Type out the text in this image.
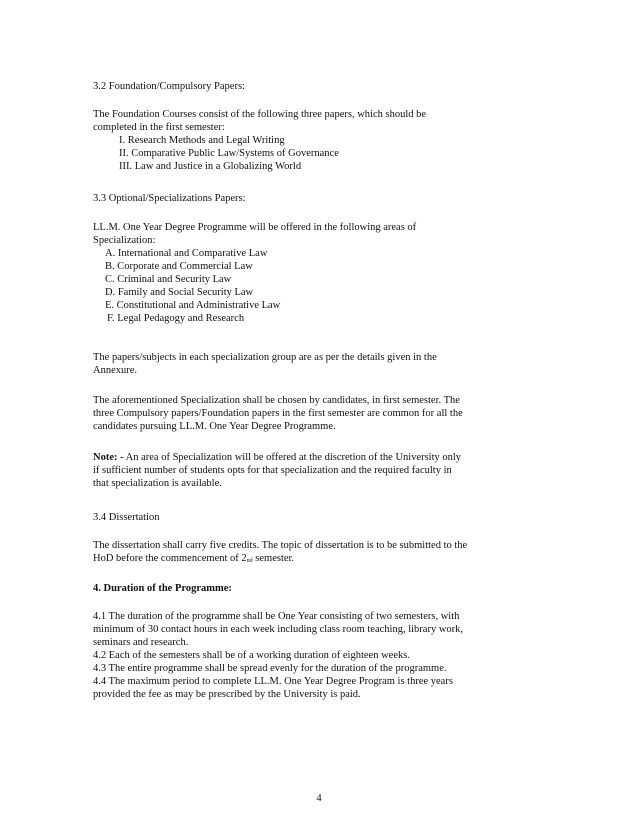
3.2 Foundation/Compulsory Papers:
The Foundation Courses consist of the following three papers, which should be
completed in the first semester:
I. Research Methods and Legal Writing
II. Comparative Public Law/Systems of Governance
III. Law and Justice in a Globalizing World
3.3 Optional/Specializations Papers:
LL.M. One Year Degree Programme will be offered in the following areas of
Specialization:
A. International and Comparative Law
B. Corporate and Commercial Law
C. Criminal and Security Law
D. Family and Social Security Law
E. Constitutional and Administrative Law
F. Legal Pedagogy and Research
The papers/subjects in each specialization group are as per the details given in the
Annexure.
The aforementioned Specialization shall be chosen by candidates, in first semester. The
three Compulsory papers/Foundation papers in the first semester are common for all the
candidates pursuing LL.M. One Year Degree Programme.
Note: - An area of Specialization will be offered at the discretion of the University only
if sufficient number of students opts for that specialization and the required faculty in
that specialization is available.
3.4 Dissertation
The dissertation shall carry five credits. The topic of dissertation is to be submitted to the
HoD before the commencement of $2_{nd}$ semester.
4. Duration of the Programme:
4.1 The duration of the programme shall be One Year consisting of two semesters, with
minimum of 30 contact hours in each week including class room teaching, library work,
seminars and research.
4.2 Each of the semesters shall be of a working duration of eighteen weeks.
4.3 The entire programme shall be spread evenly for the duration of the programme.
4.4 The maximum period to complete LL.M. One Year Degree Program is three years
provided the fee as may be prescribed by the University is paid.
4
